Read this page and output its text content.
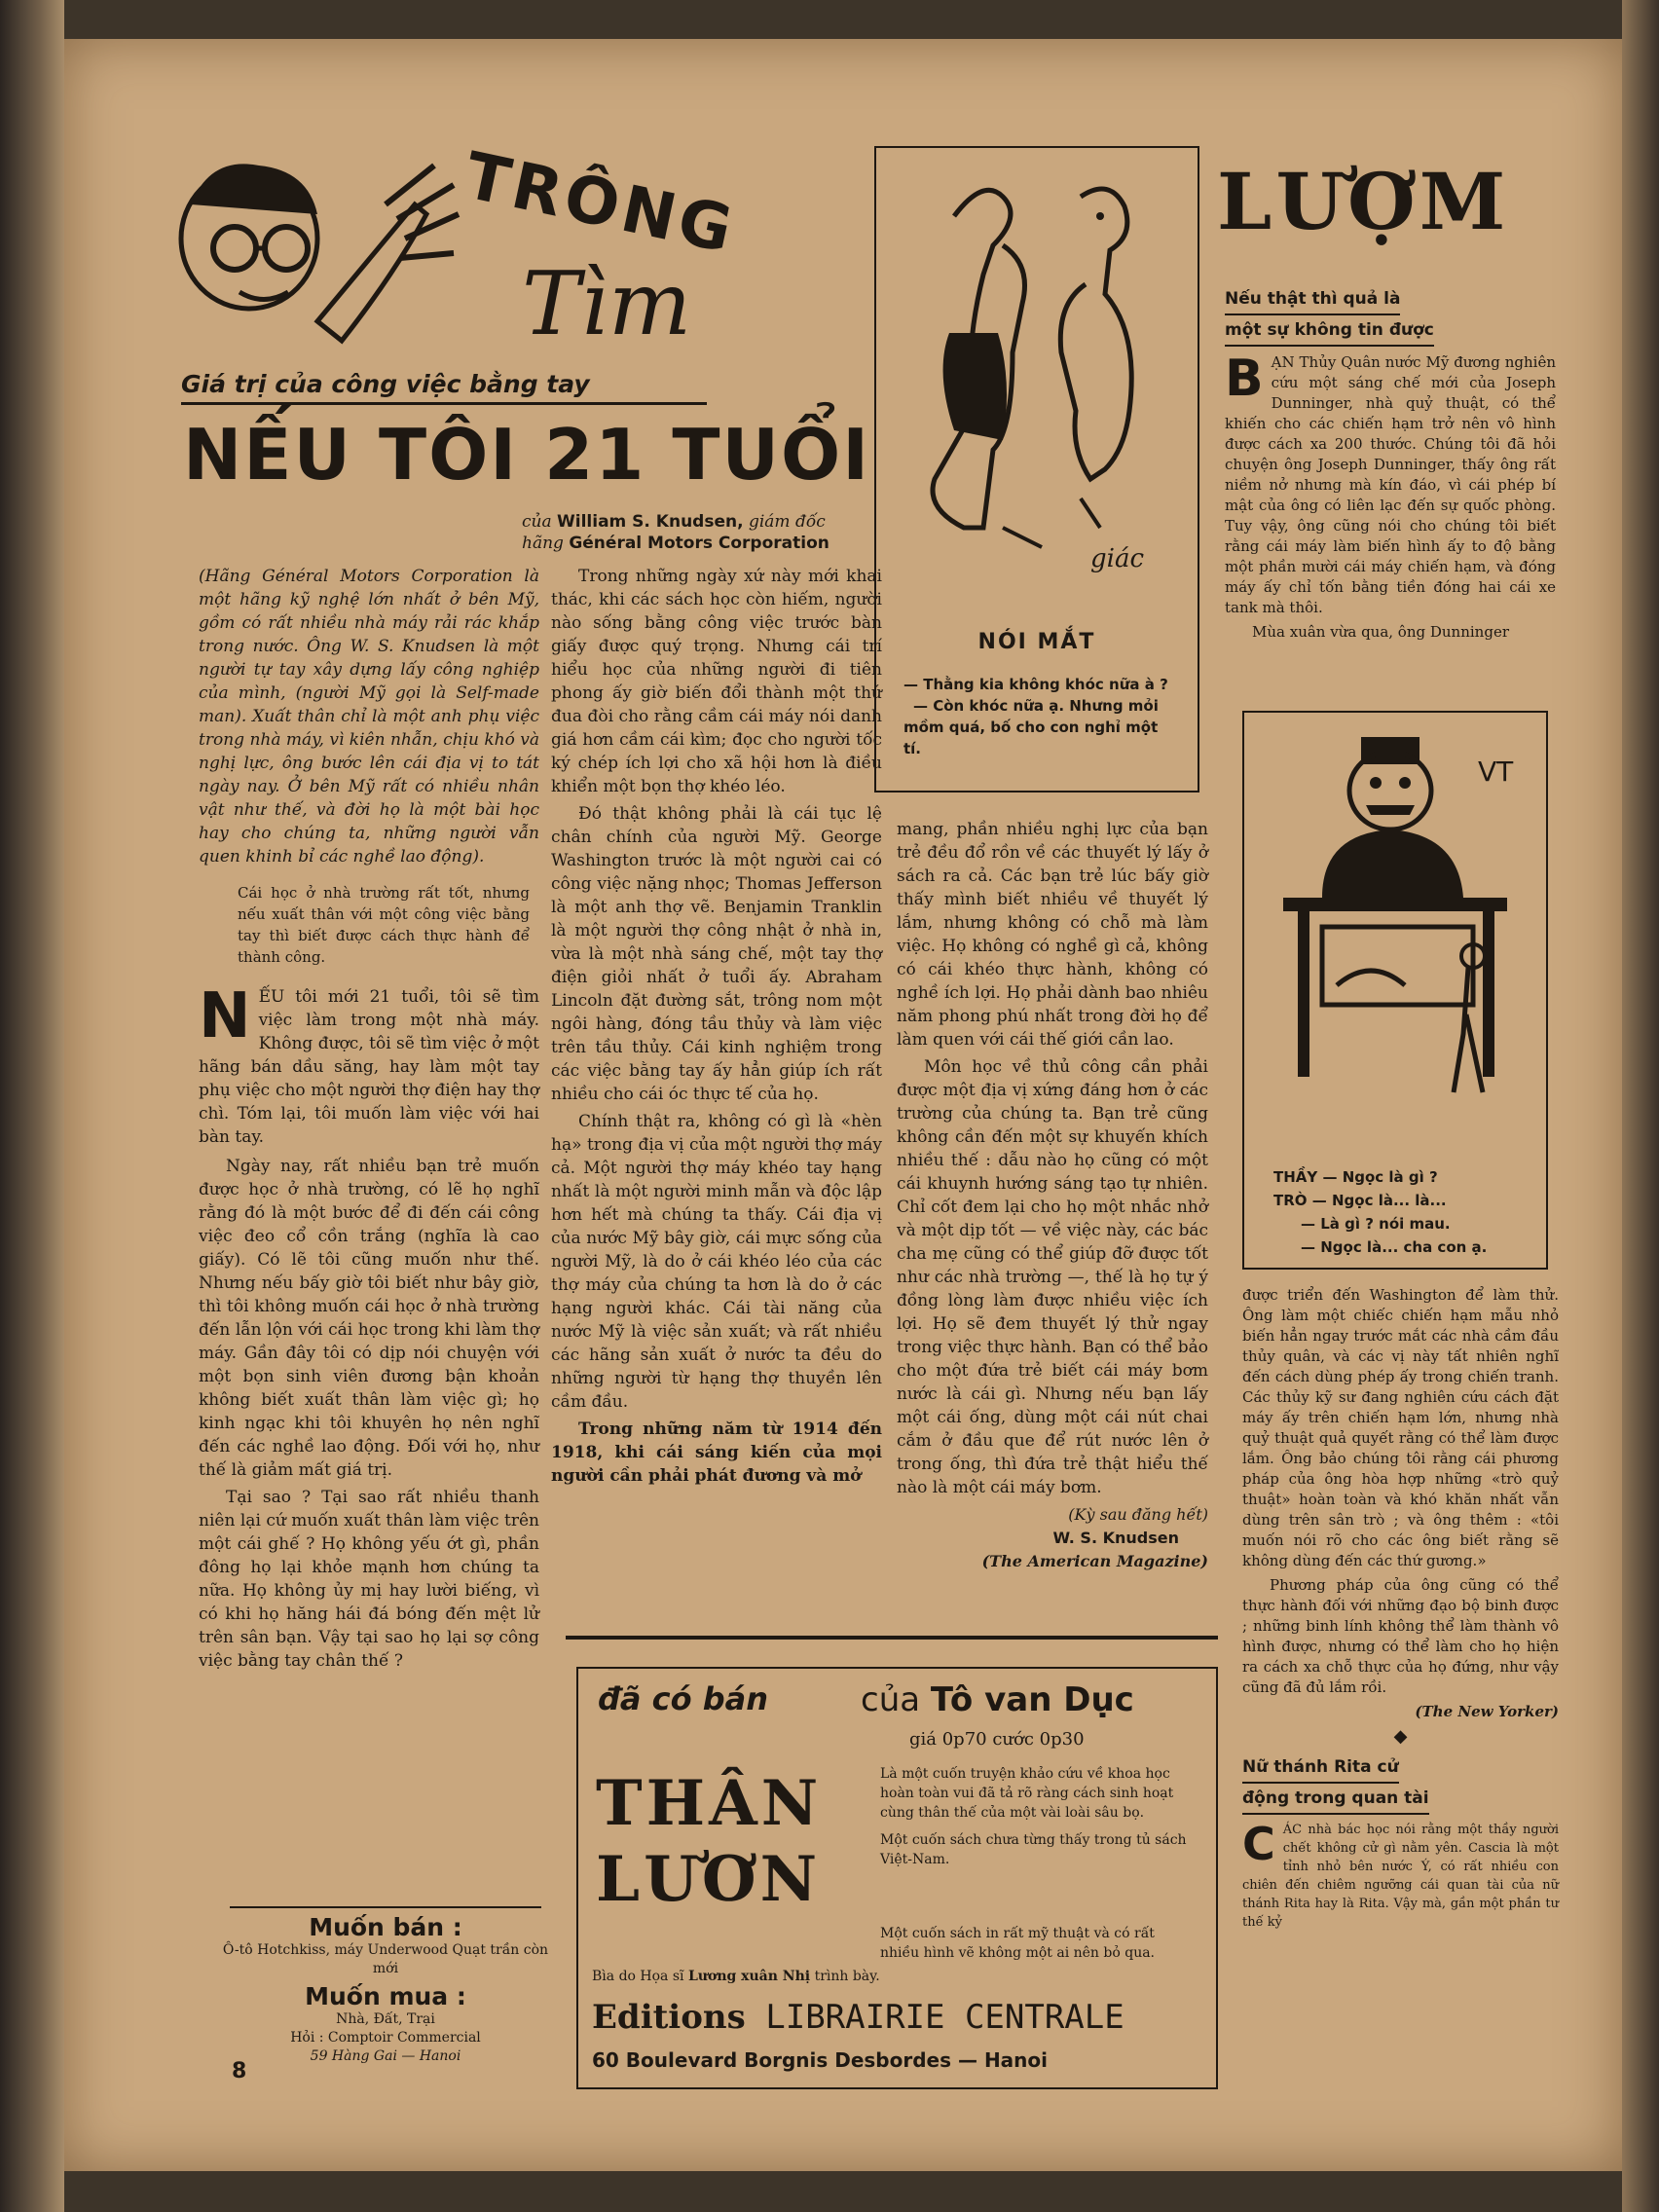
TRÔNG
Tìm
Giá trị của công việc bằng tay
NẾU TÔI 21 TUỔI
của William S. Knudsen, giám đốc
hãng Général Motors Corporation

(Hãng Général Motors Corporation là một hãng kỹ nghệ lớn nhất ở bên Mỹ, gồm có rất nhiều nhà máy rải rác khắp trong nước. Ông W. S. Knudsen là một người tự tay xây dựng lấy công nghiệp của mình, (người Mỹ gọi là Self-made man). Xuất thân chỉ là một anh phụ việc trong nhà máy, vì kiên nhẫn, chịu khó và nghị lực, ông bước lên cái địa vị to tát ngày nay. Ở bên Mỹ rất có nhiều nhân vật như thế, và đời họ là một bài học hay cho chúng ta, những người vẫn quen khinh bỉ các nghề lao động).

Cái học ở nhà trường rất tốt, nhưng nếu xuất thân với một công việc bằng tay thì biết được cách thực hành để thành công.

N ẾU tôi mới 21 tuổi, tôi sẽ tìm việc làm trong một nhà máy. Không được, tôi sẽ tìm việc ở một hãng bán dầu săng, hay làm một tay phụ việc cho một người thợ điện hay thợ chì. Tóm lại, tôi muốn làm việc với hai bàn tay.

Ngày nay, rất nhiều bạn trẻ muốn được học ở nhà trường, có lẽ họ nghĩ rằng đó là một bước để đi đến cái công việc đeo cổ cồn trắng (nghĩa là cao giấy). Có lẽ tôi cũng muốn như thế. Nhưng nếu bấy giờ tôi biết như bây giờ, thì tôi không muốn cái học ở nhà trường đến lẫn lộn với cái học trong khi làm thợ máy. Gần đây tôi có dịp nói chuyện với một bọn sinh viên đương bận khoản không biết xuất thân làm việc gì; họ kinh ngạc khi tôi khuyên họ nên nghĩ đến các nghề lao động. Đối với họ, như thế là giảm mất giá trị.

Tại sao ? Tại sao rất nhiều thanh niên lại cứ muốn xuất thân làm việc trên một cái ghế ? Họ không yếu ớt gì, phần đông họ lại khỏe mạnh hơn chúng ta nữa. Họ không ủy mị hay lười biếng, vì có khi họ hăng hái đá bóng đến mệt lử trên sân bạn. Vậy tại sao họ lại sợ công việc bằng tay chân thế ?

Muốn bán :
Ô-tô Hotchkiss, máy Underwood Quạt trần còn mới
Muốn mua :
Nhà, Đất, Trại
Hỏi : Comptoir Commercial
59 Hàng Gai — Hanoi
8

Trong những ngày xứ này mới khai thác, khi các sách học còn hiếm, người nào sống bằng công việc trước bàn giấy được quý trọng. Nhưng cái trí hiểu học của những người đi tiên phong ấy giờ biến đổi thành một thứ đua đòi cho rằng cầm cái máy nói danh giá hơn cầm cái kìm; đọc cho người tốc ký chép ích lợi cho xã hội hơn là điều khiển một bọn thợ khéo léo.

Đó thật không phải là cái tục lệ chân chính của người Mỹ. George Washington trước là một người cai có công việc nặng nhọc; Thomas Jefferson là một anh thợ vẽ. Benjamin Tranklin là một người thợ công nhật ở nhà in, vừa là một nhà sáng chế, một tay thợ điện giỏi nhất ở tuổi ấy. Abraham Lincoln đặt đường sắt, trông nom một ngôi hàng, đóng tầu thủy và làm việc trên tầu thủy. Cái kinh nghiệm trong các việc bằng tay ấy hẳn giúp ích rất nhiều cho cái óc thực tế của họ.

Chính thật ra, không có gì là «hèn hạ» trong địa vị của một người thợ máy cả. Một người thợ máy khéo tay hạng nhất là một người minh mẫn và độc lập hơn hết mà chúng ta thấy. Cái địa vị của nước Mỹ bây giờ, cái mực sống của người Mỹ, là do ở cái khéo léo của các thợ máy của chúng ta hơn là do ở các hạng người khác. Cái tài năng của nước Mỹ là việc sản xuất; và rất nhiều các hãng sản xuất ở nước ta đều do những người từ hạng thợ thuyền lên cầm đầu.

Trong những năm từ 1914 đến 1918, khi cái sáng kiến của mọi người cần phải phát đương và mở

giác
NÓI MẮT
— Thằng kia không khóc nữa à ?
— Còn khóc nữa ạ. Nhưng mỏi mồm quá, bố cho con nghỉ một tí.

mang, phần nhiều nghị lực của bạn trẻ đều đổ rồn về các thuyết lý lấy ở sách ra cả. Các bạn trẻ lúc bấy giờ thấy mình biết nhiều về thuyết lý lắm, nhưng không có chỗ mà làm việc. Họ không có nghề gì cả, không có cái khéo thực hành, không có nghề ích lợi. Họ phải dành bao nhiêu năm phong phú nhất trong đời họ để làm quen với cái thế giới cần lao.

Môn học về thủ công cần phải được một địa vị xứng đáng hơn ở các trường của chúng ta. Bạn trẻ cũng không cần đến một sự khuyến khích nhiều thế : dẫu nào họ cũng có một cái khuynh hướng sáng tạo tự nhiên. Chỉ cốt đem lại cho họ một nhắc nhở và một dịp tốt — về việc này, các bác cha mẹ cũng có thể giúp đỡ được tốt như các nhà trường —, thế là họ tự ý đồng lòng làm được nhiều việc ích lợi. Họ sẽ đem thuyết lý thử ngay trong việc thực hành. Bạn có thể bảo cho một đứa trẻ biết cái máy bơm nước là cái gì. Nhưng nếu bạn lấy một cái ống, dùng một cái nút chai cắm ở đầu que để rút nước lên ở trong ống, thì đứa trẻ thật hiểu thế nào là một cái máy bơm.

(Kỳ sau đăng hết)
W. S. Knudsen
(The American Magazine)
đã có bán	của Tô van Dục
giá 0p70 cước 0p30
THÂN
LƯƠN
Là một cuốn truyện khảo cứu về khoa học hoàn toàn vui đã tả rõ ràng cách sinh hoạt cùng thân thế của một vài loài sâu bọ.
Một cuốn sách chưa từng thấy trong tủ sách Việt-Nam.
Một cuốn sách in rất mỹ thuật và có rất nhiều hình vẽ không một ai nên bỏ qua.
Bìa do Họa sĩ Lương xuân Nhị trình bày.
Editions LIBRAIRIE CENTRALE
60 Boulevard Borgnis Desbordes — Hanoi
LƯỢM
Nếu thật thì quả là
một sự không tin được
B ẠN Thủy Quân nước Mỹ đương nghiên cứu một sáng chế mới của Joseph Dunninger, nhà quỷ thuật, có thể khiến cho các chiến hạm trở nên vô hình được cách xa 200 thước. Chúng tôi đã hỏi chuyện ông Joseph Dunninger, thấy ông rất niềm nở nhưng mà kín đáo, vì cái phép bí mật của ông có liên lạc đến sự quốc phòng. Tuy vậy, ông cũng nói cho chúng tôi biết rằng cái máy làm biến hình ấy to độ bằng một phần mười cái máy chiến hạm, và đóng máy ấy chỉ tốn bằng tiền đóng hai cái xe tank mà thôi.

Mùa xuân vừa qua, ông Dunninger

VT
THẦY — Ngọc là gì ?
TRÒ — Ngọc là... là...
— Là gì ? nói mau.
— Ngọc là... cha con ạ.

được triển đến Washington để làm thử. Ông làm một chiếc chiến hạm mẫu nhỏ biến hẳn ngay trước mắt các nhà cầm đầu thủy quân, và các vị này tất nhiên nghĩ đến cách dùng phép ấy trong chiến tranh. Các thủy kỹ sư đang nghiên cứu cách đặt máy ấy trên chiến hạm lớn, nhưng nhà quỷ thuật quả quyết rằng có thể làm được lắm. Ông bảo chúng tôi rằng cái phương pháp của ông hòa hợp những «trò quỷ thuật» hoàn toàn và khó khăn nhất vẫn dùng trên sân trò ; và ông thêm : «tôi muốn nói rõ cho các ông biết rằng sẽ không dùng đến các thứ gương.»

Phương pháp của ông cũng có thể thực hành đối với những đạo bộ binh được ; những binh lính không thể làm thành vô hình được, nhưng có thể làm cho họ hiện ra cách xa chỗ thực của họ đứng, như vậy cũng đã đủ lắm rồi.

(The New Yorker)
◆
Nữ thánh Rita cử
động trong quan tài
C ÁC nhà bác học nói rằng một thầy người chết không cử gì nằm yên. Cascia là một tỉnh nhỏ bên nước Ý, có rất nhiều con chiên đến chiêm ngưỡng cái quan tài của nữ thánh Rita hay là Rita. Vậy mà, gần một phần tư thế kỷ
